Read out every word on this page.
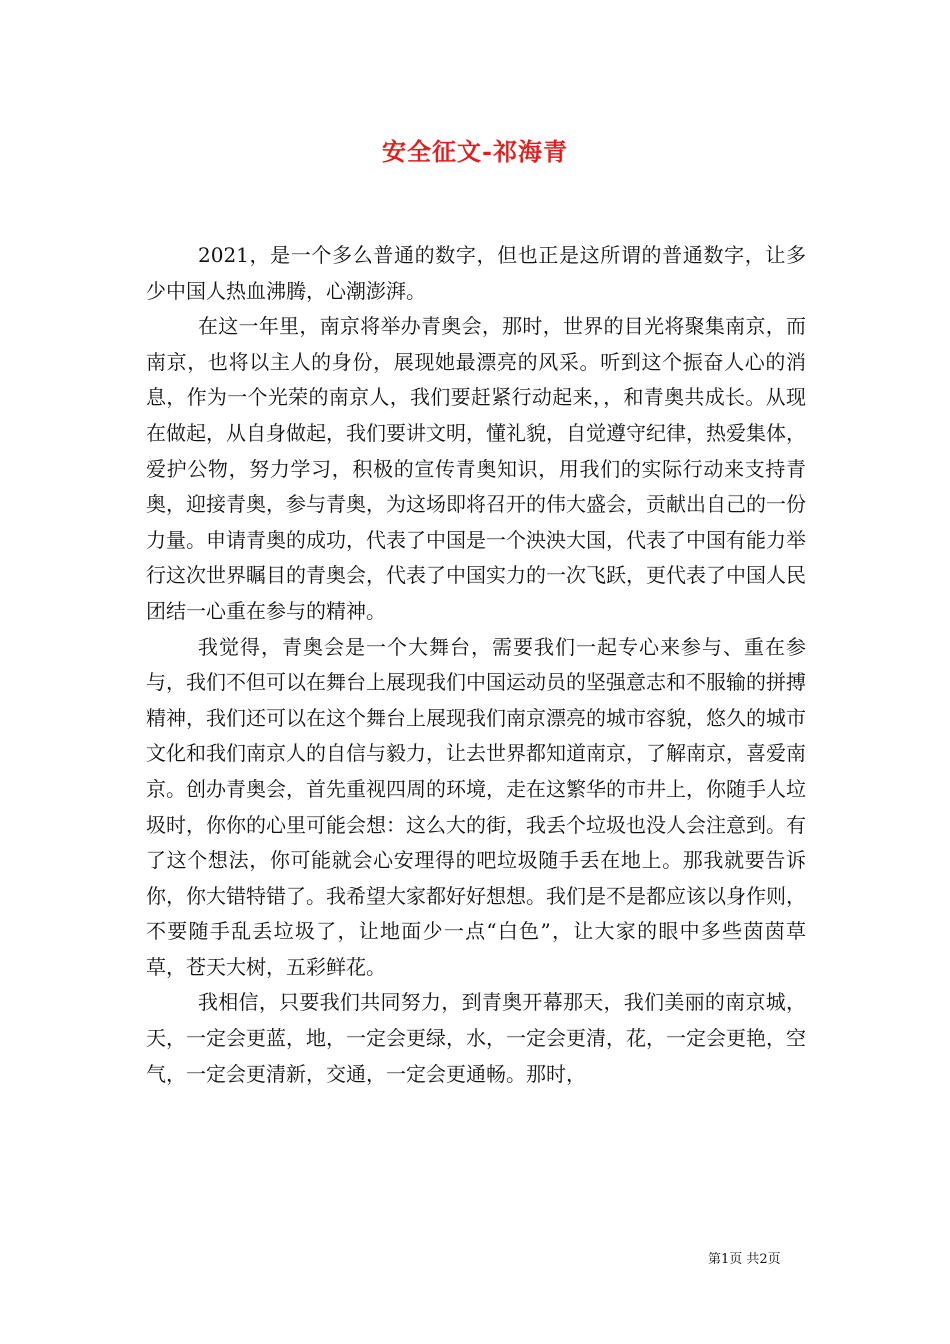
安全征文-祁海青

2021，是一个多么普通的数字，但也正是这所谓的普通数字，让多少中国人热血沸腾，心潮澎湃。

在这一年里，南京将举办青奥会，那时，世界的目光将聚集南京，而南京，也将以主人的身份，展现她最漂亮的风采。听到这个振奋人心的消息，作为一个光荣的南京人，我们要赶紧行动起来，，和青奥共成长。从现在做起，从自身做起，我们要讲文明，懂礼貌，自觉遵守纪律，热爱集体，爱护公物，努力学习，积极的宣传青奥知识，用我们的实际行动来支持青奥，迎接青奥，参与青奥，为这场即将召开的伟大盛会，贡献出自己的一份力量。申请青奥的成功，代表了中国是一个泱泱大国，代表了中国有能力举行这次世界瞩目的青奥会，代表了中国实力的一次飞跃，更代表了中国人民团结一心重在参与的精神。

我觉得，青奥会是一个大舞台，需要我们一起专心来参与、重在参与，我们不但可以在舞台上展现我们中国运动员的坚强意志和不服输的拼搏精神，我们还可以在这个舞台上展现我们南京漂亮的城市容貌，悠久的城市文化和我们南京人的自信与毅力，让去世界都知道南京，了解南京，喜爱南京。创办青奥会，首先重视四周的环境，走在这繁华的市井上，你随手人垃圾时，你你的心里可能会想：这么大的街，我丢个垃圾也没人会注意到。有了这个想法，你可能就会心安理得的吧垃圾随手丢在地上。那我就要告诉你，你大错特错了。我希望大家都好好想想。我们是不是都应该以身作则，不要随手乱丢垃圾了，让地面少一点“白色”，让大家的眼中多些茵茵草草，苍天大树，五彩鲜花。

我相信，只要我们共同努力，到青奥开幕那天，我们美丽的南京城，天，一定会更蓝，地，一定会更绿，水，一定会更清，花，一定会更艳，空气，一定会更清新，交通，一定会更通畅。那时，

第1页 共2页
